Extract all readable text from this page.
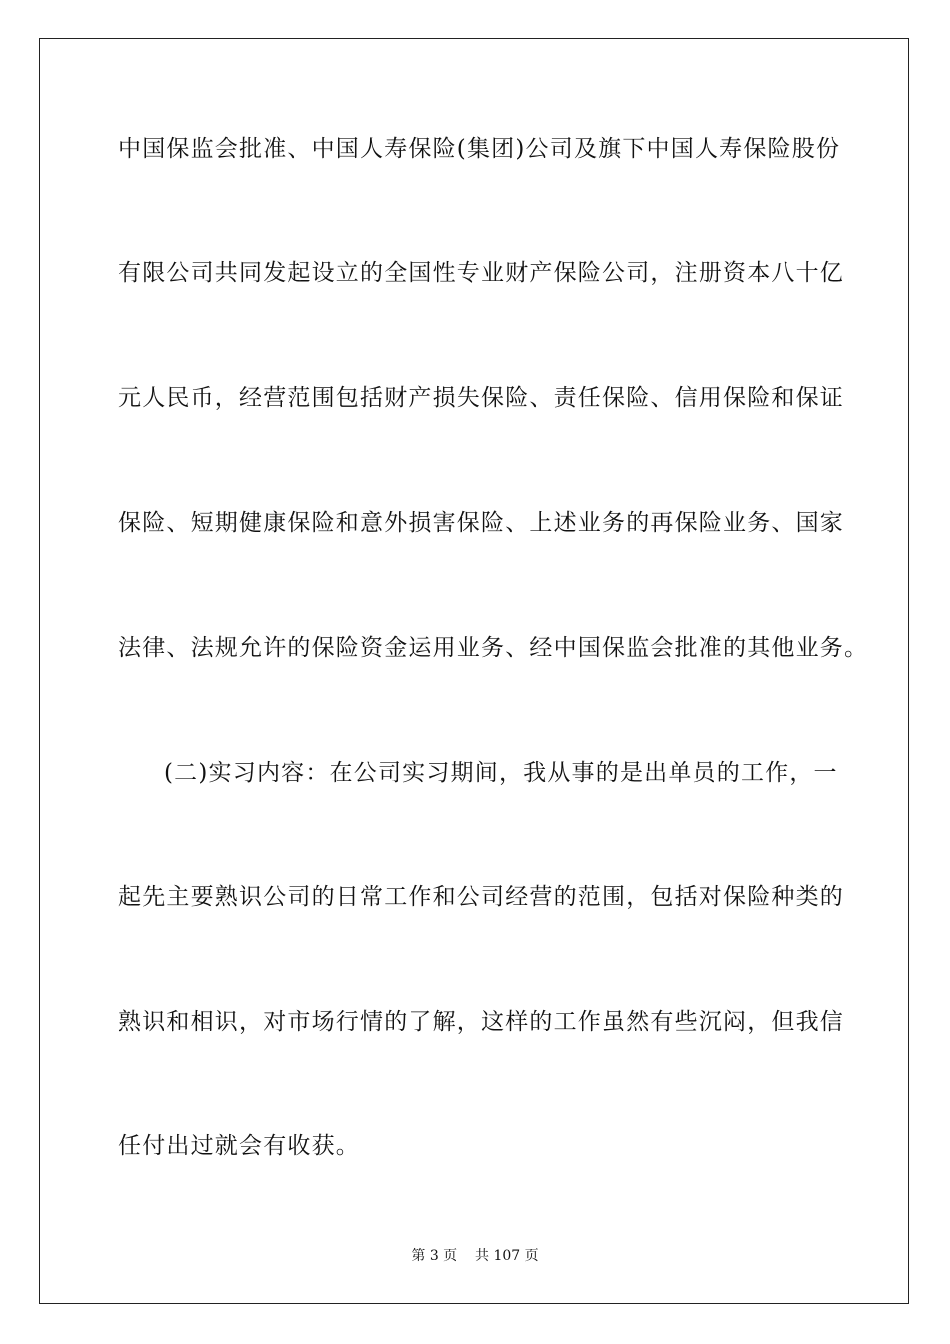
中国保监会批准、中国人寿保险(集团)公司及旗下中国人寿保险股份
有限公司共同发起设立的全国性专业财产保险公司，注册资本八十亿
元人民币，经营范围包括财产损失保险、责任保险、信用保险和保证
保险、短期健康保险和意外损害保险、上述业务的再保险业务、国家
法律、法规允许的保险资金运用业务、经中国保监会批准的其他业务。
(二)实习内容：在公司实习期间，我从事的是出单员的工作，一
起先主要熟识公司的日常工作和公司经营的范围，包括对保险种类的
熟识和相识，对市场行情的了解，这样的工作虽然有些沉闷，但我信
任付出过就会有收获。
第 3 页 共 107 页
